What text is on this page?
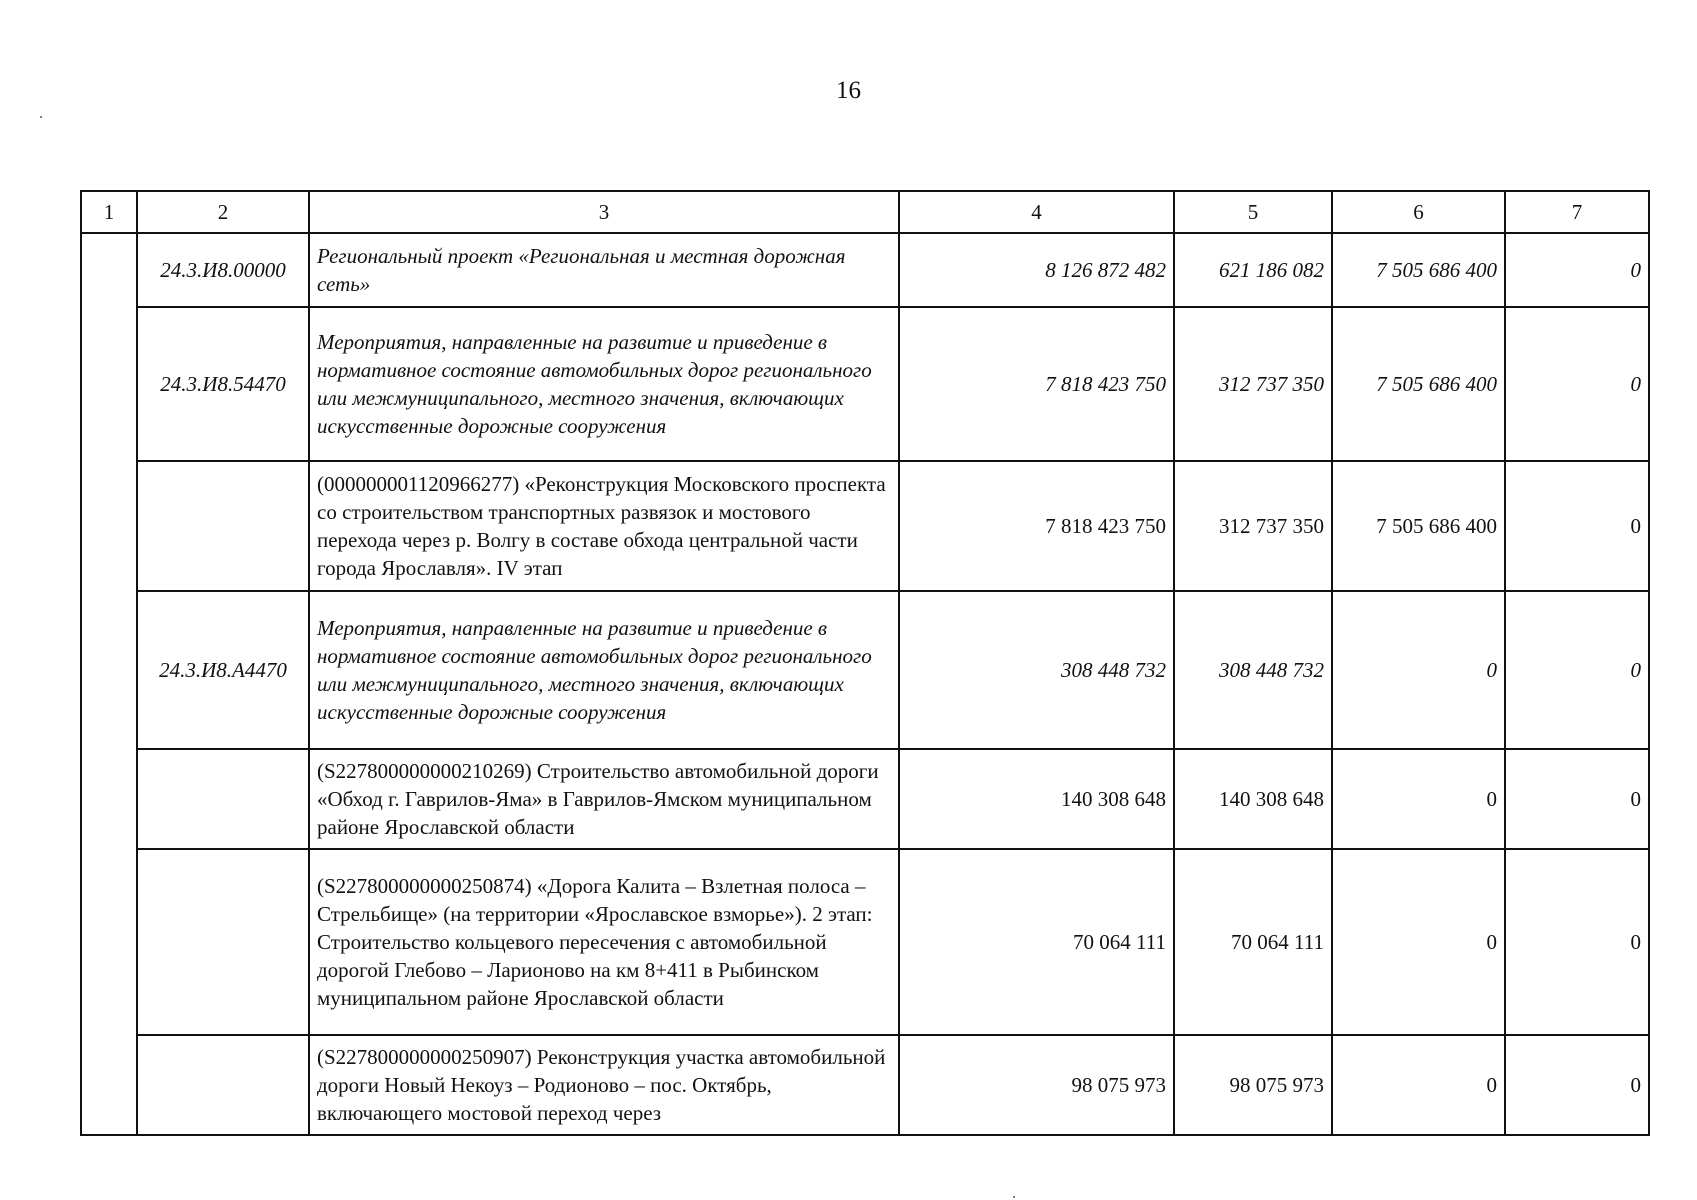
16
1	2	3	4	5	6	7
	24.3.И8.00000	Региональный проект «Региональная и местная дорожная сеть»	8 126 872 482	621 186 082	7 505 686 400	0
	24.3.И8.54470	Мероприятия, направленные на развитие и приведение в нормативное состояние автомобильных дорог регионального или межмуниципального, местного значения, включающих искусственные дорожные сооружения	7 818 423 750	312 737 350	7 505 686 400	0
		(000000001120966277) «Реконструкция Московского проспекта со строительством транспортных развязок и мостового перехода через р. Волгу в составе обхода центральной части города Ярославля». IV этап	7 818 423 750	312 737 350	7 505 686 400	0
	24.3.И8.А4470	Мероприятия, направленные на развитие и приведение в нормативное состояние автомобильных дорог регионального или межмуниципального, местного значения, включающих искусственные дорожные сооружения	308 448 732	308 448 732	0	0
		(S227800000000210269) Строительство автомобильной дороги «Обход г. Гаврилов-Яма» в Гаврилов-Ямском муниципальном районе Ярославской области	140 308 648	140 308 648	0	0
		(S227800000000250874) «Дорога Калита – Взлетная полоса – Стрельбище» (на территории «Ярославское взморье»). 2 этап: Строительство кольцевого пересечения с автомобильной дорогой Глебово – Ларионово на км 8+411 в Рыбинском муниципальном районе Ярославской области	70 064 111	70 064 111	0	0
		(S227800000000250907) Реконструкция участка автомобильной дороги Новый Некоуз – Родионово – пос. Октябрь, включающего мостовой переход через	98 075 973	98 075 973	0	0
